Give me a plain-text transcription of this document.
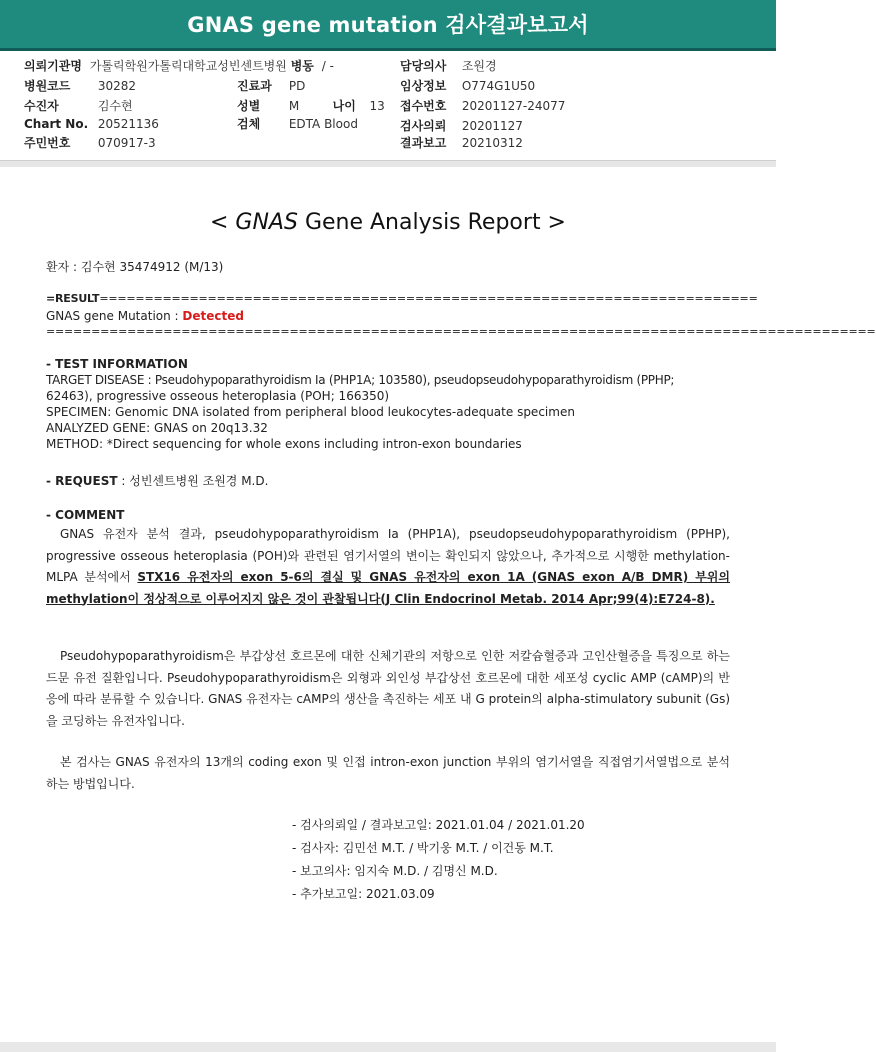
GNAS gene mutation 검사결과보고서
의뢰기관명 가톨릭학원가톨릭대학교성빈센트병원 병동 / -	담당의사 조원경
병원코드 30282	진료과 PD	임상정보 O774G1U50
수진자	김수현	성별 M	나이 13 접수번호 20201127-24077
Chart No. 20521136	검체 EDTA Blood	검사의뢰 20201127
주민번호 070917-3	결과보고 20210312
< GNAS Gene Analysis Report >
환자 : 김수현 35474912 (M/13)
=RESULT=========================================================================
GNAS gene Mutation : Detected
============================================================================================
- TEST INFORMATION
TARGET DISEASE : Pseudohypoparathyroidism Ia (PHP1A; 103580), pseudopseudohypoparathyroidism (PPHP;
62463), progressive osseous heteroplasia (POH; 166350)
SPECIMEN: Genomic DNA isolated from peripheral blood leukocytes-adequate specimen
ANALYZED GENE: GNAS on 20q13.32
METHOD: *Direct sequencing for whole exons including intron-exon boundaries
- REQUEST : 성빈센트병원 조원경 M.D.
- COMMENT
GNAS 유전자 분석 결과, pseudohypoparathyroidism Ia (PHP1A), pseudopseudohypoparathyroidism (PPHP), progressive osseous heteroplasia (POH)와 관련된 염기서열의 변이는 확인되지 않았으나, 추가적으로 시행한 methylation-MLPA 분석에서 STX16 유전자의 exon 5-6의 결실 및 GNAS 유전자의 exon 1A (GNAS exon A/B DMR) 부위의 methylation이 정상적으로 이루어지지 않은 것이 관찰됩니다(J Clin Endocrinol Metab. 2014 Apr;99(4):E724-8).
Pseudohypoparathyroidism은 부갑상선 호르몬에 대한 신체기관의 저항으로 인한 저칼슘혈증과 고인산혈증을 특징으로 하는 드문 유전 질환입니다. Pseudohypoparathyroidism은 외형과 외인성 부갑상선 호르몬에 대한 세포성 cyclic AMP (cAMP)의 반응에 따라 분류할 수 있습니다. GNAS 유전자는 cAMP의 생산을 촉진하는 세포 내 G protein의 alpha-stimulatory subunit (Gs)을 코딩하는 유전자입니다.
본 검사는 GNAS 유전자의 13개의 coding exon 및 인접 intron-exon junction 부위의 염기서열을 직접염기서열법으로 분석하는 방법입니다.
- 검사의뢰일 / 결과보고일: 2021.01.04 / 2021.01.20
- 검사자: 김민선 M.T. / 박기웅 M.T. / 이건동 M.T.
- 보고의사: 임지숙 M.D. / 김명신 M.D.
- 추가보고일: 2021.03.09
